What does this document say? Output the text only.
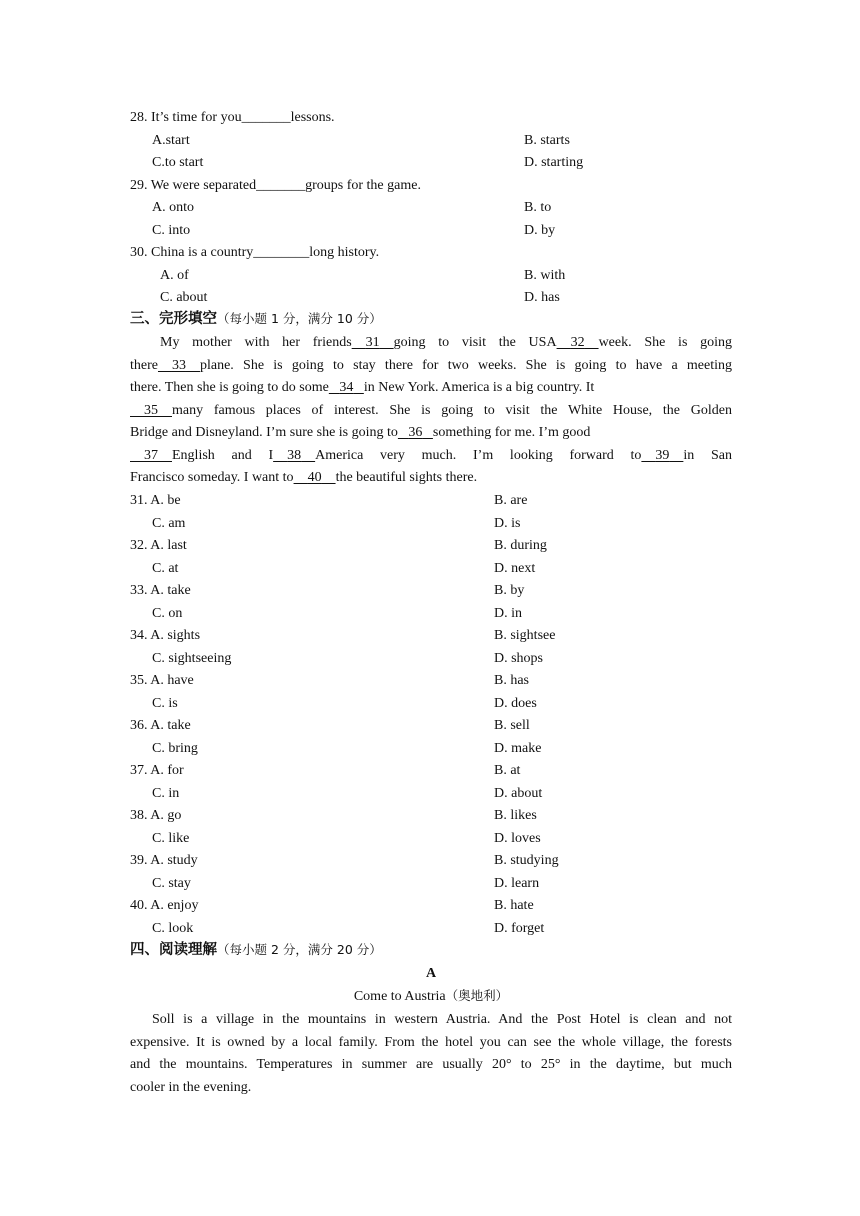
28. It’s time for you_______lessons.
A.start	B. starts
C.to start	D. starting
29. We were separated_______groups for the game.
A. onto	B. to
C. into	D. by
30. China is a country________long history.
A. of	B. with
C. about	D. has
三、完形填空（每小题 1 分，满分 10 分）
My mother with her friends 31 going to visit the USA 32 week. She is going
there 33 plane. She is going to stay there for two weeks. She is going to have a meeting
there. Then she is going to do some 34 in New York. America is a big country. It
35 many famous places of interest. She is going to visit the White House, the Golden
Bridge and Disneyland. I’m sure she is going to 36 something for me. I’m good
37 English and I 38 America very much. I’m looking forward to 39 in San
Francisco someday. I want to 40 the beautiful sights there.
31. A. be	B. are
C. am	D. is
32. A. last	B. during
C. at	D. next
33. A. take	B. by
C. on	D. in
34. A. sights	B. sightsee
C. sightseeing	D. shops
35. A. have	B. has
C. is	D. does
36. A. take	B. sell
C. bring	D. make
37. A. for	B. at
C. in	D. about
38. A. go	B. likes
C. like	D. loves
39. A. study	B. studying
C. stay	D. learn
40. A. enjoy	B. hate
C. look	D. forget
四、阅读理解（每小题 2 分，满分 20 分）
A
Come to Austria（奥地利）
Soll is a village in the mountains in western Austria. And the Post Hotel is clean and not
expensive. It is owned by a local family. From the hotel you can see the whole village, the forests
and the mountains. Temperatures in summer are usually 20° to 25° in the daytime, but much
cooler in the evening.
